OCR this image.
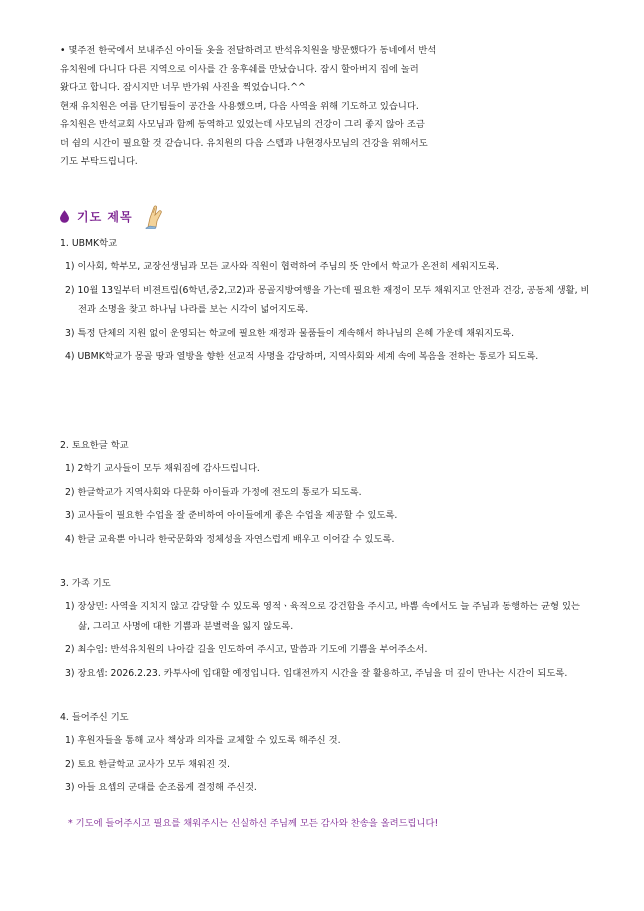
• 몇주전 한국에서 보내주신 아이들 옷을 전달하려고 반석유치원을 방문했다가 동네에서 반석

유치원에 다니다 다른 지역으로 이사를 간 웅후쉐를 만났습니다. 잠시 할아버지 집에 놀러

왔다고 합니다. 잠시지만 너무 반가워 사진을 찍었습니다.^^

현재 유치원은 여름 단기팀들이 공간을 사용했으며, 다음 사역을 위해 기도하고 있습니다.

유치원은 반석교회 사모님과 함께 동역하고 있었는데 사모님의 건강이 그리 좋지 않아 조금

더 쉼의 시간이 필요할 것 같습니다. 유치원의 다음 스텝과 나현경사모님의 건강을 위해서도

기도 부탁드립니다.

기도 제목

1. UBMK학교

1) 이사회, 학부모, 교장선생님과 모든 교사와 직원이 협력하여 주님의 뜻 안에서 학교가 온전히 세워지도록.

2) 10월 13일부터 비젼트립(6학년,중2,고2)과 몽골지방여행을 가는데 필요한 재정이 모두 채워지고 안전과 건강, 공동체 생활, 비전과 소명을 찾고 하나님 나라를 보는 시각이 넓어지도록.

3) 특정 단체의 지원 없이 운영되는 학교에 필요한 재정과 물품들이 계속해서 하나님의 은혜 가운데 채워지도록.

4) UBMK학교가 몽골 땅과 열방을 향한 선교적 사명을 감당하며, 지역사회와 세계 속에 복음을 전하는 통로가 되도록.

2. 토요한글 학교

1) 2학기 교사들이 모두 채워짐에 감사드립니다.

2) 한글학교가 지역사회와 다문화 아이들과 가정에 전도의 통로가 되도록.

3) 교사들이 필요한 수업을 잘 준비하여 아이들에게 좋은 수업을 제공할 수 있도록.

4) 한글 교육뿐 아니라 한국문화와 정체성을 자연스럽게 배우고 이어갈 수 있도록.

3. 가족 기도

1) 장상민: 사역을 지치지 않고 감당할 수 있도록 영적ㆍ육적으로 강건함을 주시고, 바쁨 속에서도 늘 주님과 동행하는 균형 있는 삶, 그리고 사명에 대한 기쁨과 분별력을 잃지 않도록.

2) 최수임: 반석유치원의 나아갈 길을 인도하여 주시고, 말씀과 기도에 기쁨을 부어주소서.

3) 장요셉: 2026.2.23. 카투사에 입대할 예정입니다. 입대전까지 시간을 잘 활용하고, 주님을 더 깊이 만나는 시간이 되도록.

4. 들어주신 기도

1) 후원자들을 통해 교사 책상과 의자를 교체할 수 있도록 해주신 것.

2) 토요 한글학교 교사가 모두 채워진 것.

3) 아들 요셉의 군대를 순조롭게 결정해 주신것.

* 기도에 들어주시고 필요를 채워주시는 신실하신 주님께 모든 감사와 찬송을 올려드립니다!
